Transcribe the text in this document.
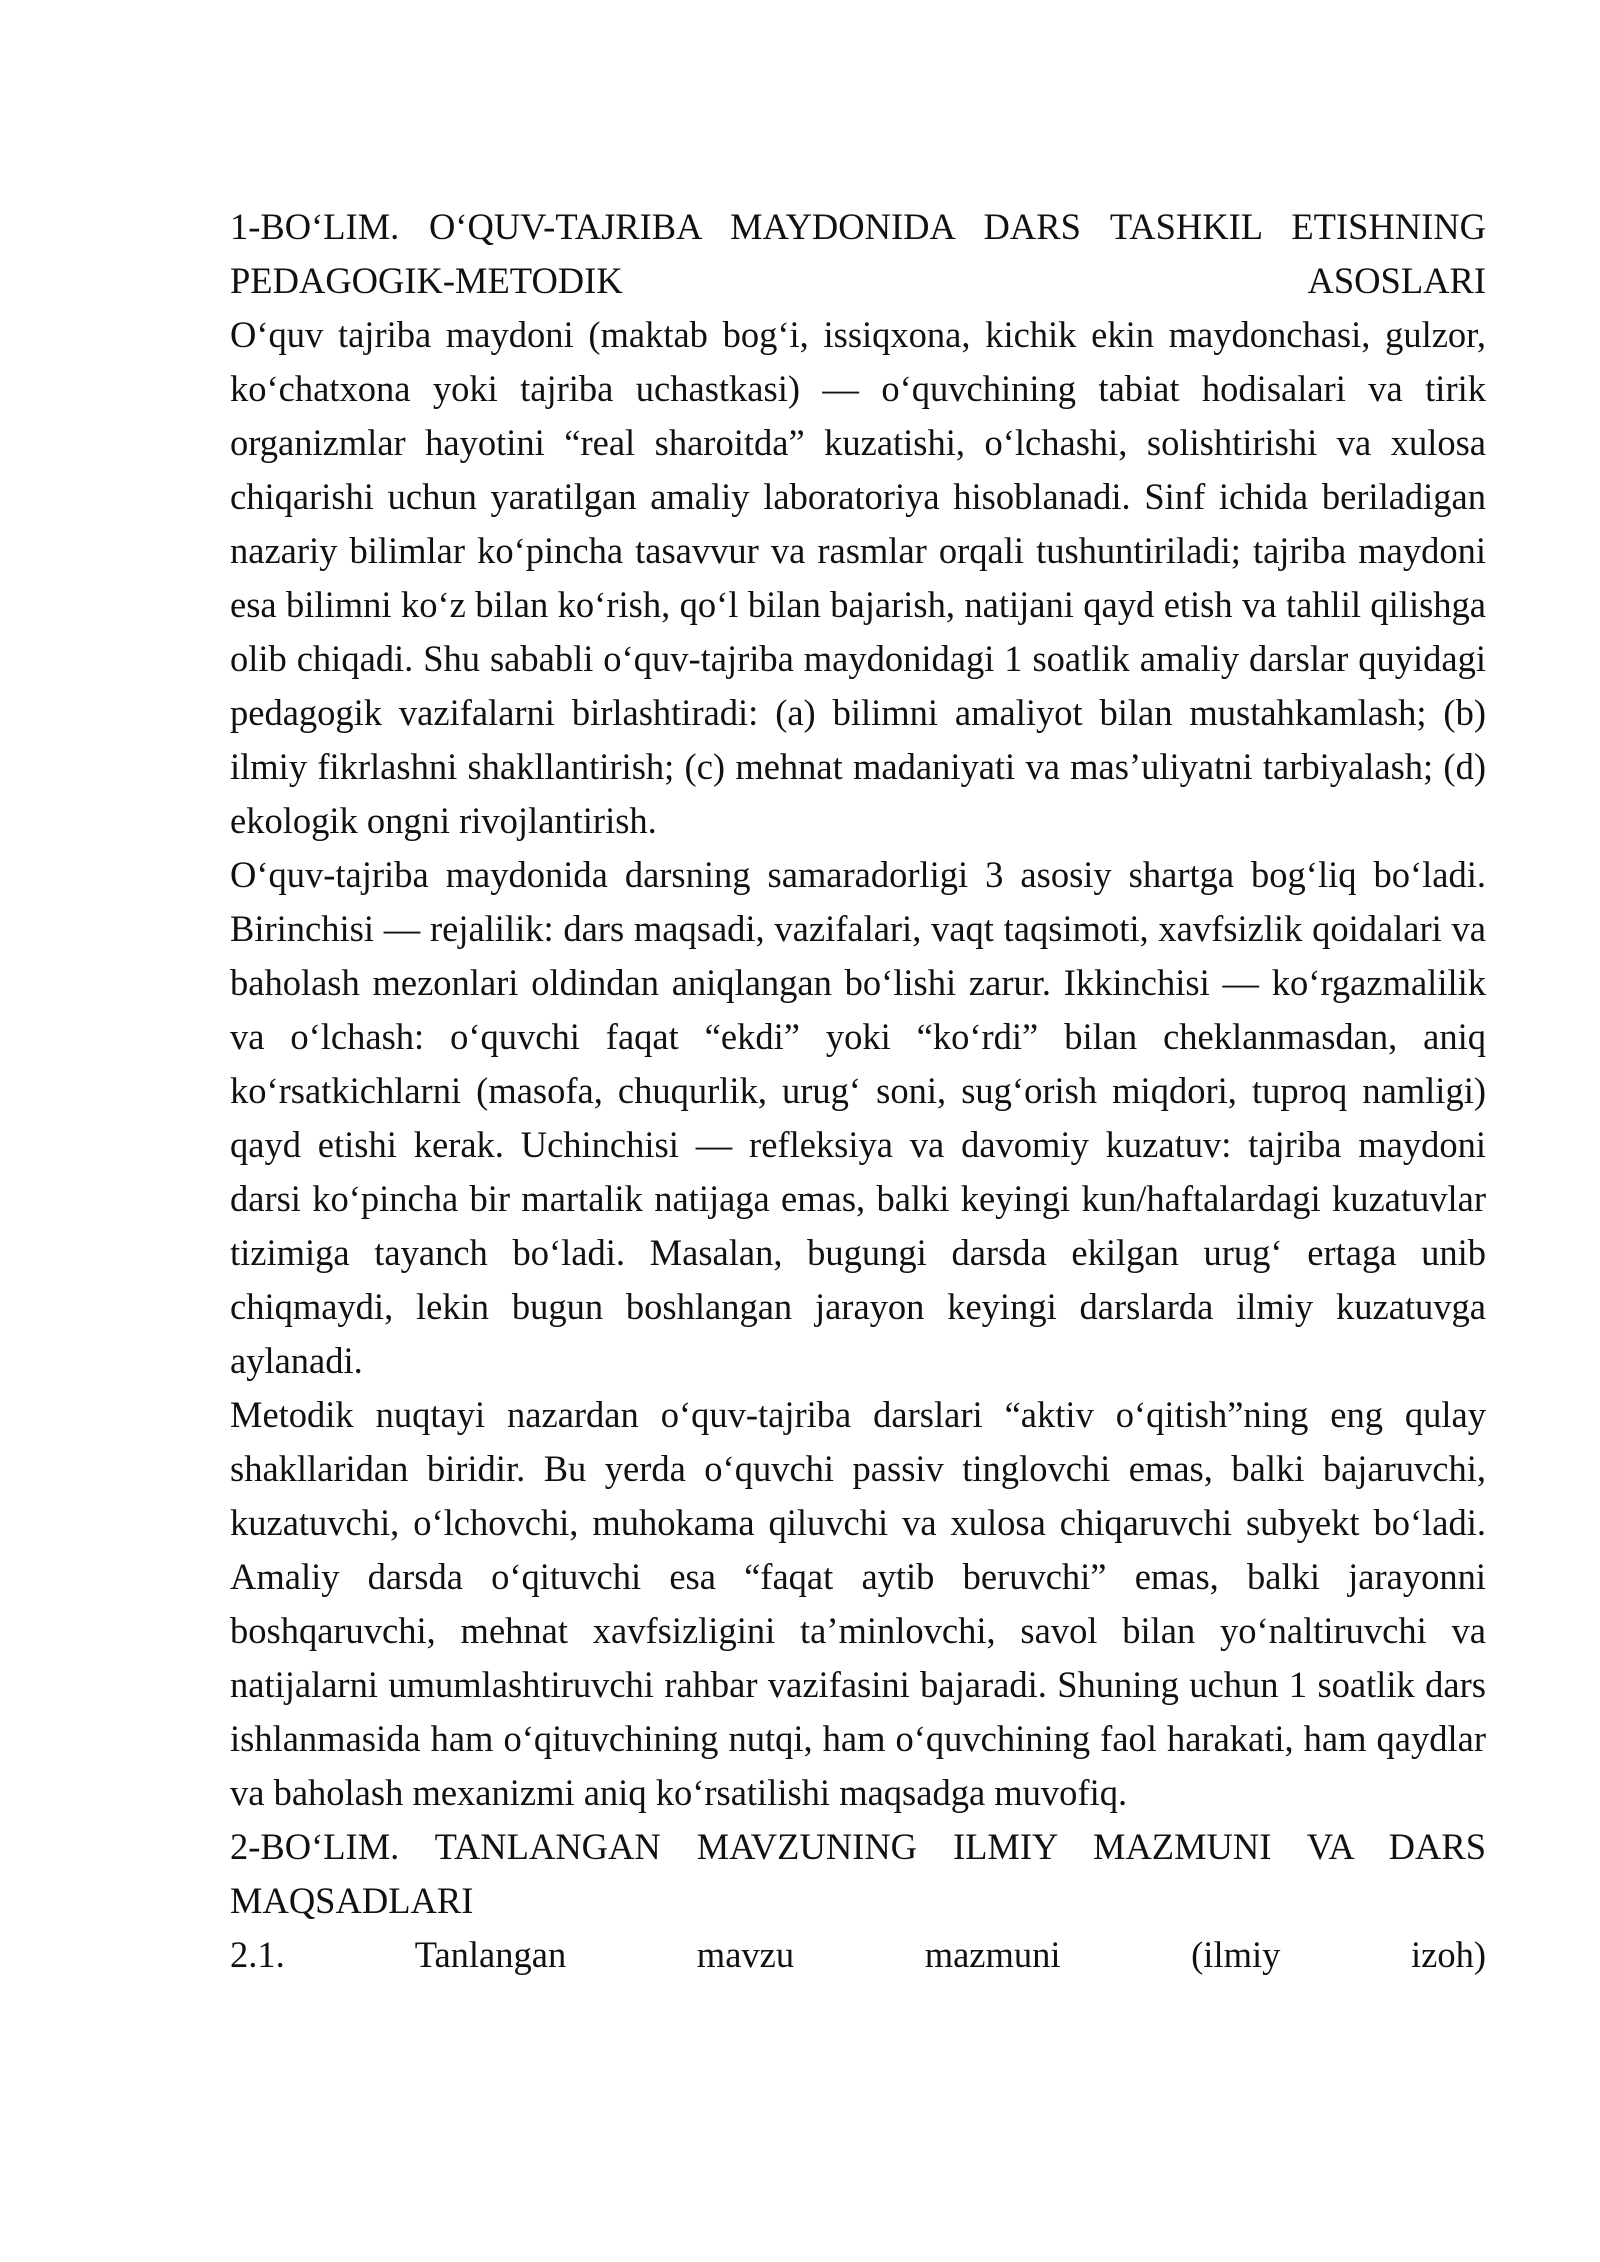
1-BO‘LIM. O‘QUV-TAJRIBA MAYDONIDA DARS TASHKIL ETISHNING PEDAGOGIK-METODIK ASOSLARI

O‘quv tajriba maydoni (maktab bog‘i, issiqxona, kichik ekin maydonchasi, gulzor, ko‘chatxona yoki tajriba uchastkasi) — o‘quvchining tabiat hodisalari va tirik organizmlar hayotini “real sharoitda” kuzatishi, o‘lchashi, solishtirishi va xulosa chiqarishi uchun yaratilgan amaliy laboratoriya hisoblanadi. Sinf ichida beriladigan nazariy bilimlar ko‘pincha tasavvur va rasmlar orqali tushuntiriladi; tajriba maydoni esa bilimni ko‘z bilan ko‘rish, qo‘l bilan bajarish, natijani qayd etish va tahlil qilishga olib chiqadi. Shu sababli o‘quv-tajriba maydonidagi 1 soatlik amaliy darslar quyidagi pedagogik vazifalarni birlashtiradi: (a) bilimni amaliyot bilan mustahkamlash; (b) ilmiy fikrlashni shakllantirish; (c) mehnat madaniyati va mas’uliyatni tarbiyalash; (d) ekologik ongni rivojlantirish.

O‘quv-tajriba maydonida darsning samaradorligi 3 asosiy shartga bog‘liq bo‘ladi. Birinchisi — rejalilik: dars maqsadi, vazifalari, vaqt taqsimoti, xavfsizlik qoidalari va baholash mezonlari oldindan aniqlangan bo‘lishi zarur. Ikkinchisi — ko‘rgazmalilik va o‘lchash: o‘quvchi faqat “ekdi” yoki “ko‘rdi” bilan cheklanmasdan, aniq ko‘rsatkichlarni (masofa, chuqurlik, urug‘ soni, sug‘orish miqdori, tuproq namligi) qayd etishi kerak. Uchinchisi — refleksiya va davomiy kuzatuv: tajriba maydoni darsi ko‘pincha bir martalik natijaga emas, balki keyingi kun/haftalardagi kuzatuvlar tizimiga tayanch bo‘ladi. Masalan, bugungi darsda ekilgan urug‘ ertaga unib chiqmaydi, lekin bugun boshlangan jarayon keyingi darslarda ilmiy kuzatuvga aylanadi.

Metodik nuqtayi nazardan o‘quv-tajriba darslari “aktiv o‘qitish”ning eng qulay shakllaridan biridir. Bu yerda o‘quvchi passiv tinglovchi emas, balki bajaruvchi, kuzatuvchi, o‘lchovchi, muhokama qiluvchi va xulosa chiqaruvchi subyekt bo‘ladi. Amaliy darsda o‘qituvchi esa “faqat aytib beruvchi” emas, balki jarayonni boshqaruvchi, mehnat xavfsizligini ta’minlovchi, savol bilan yo‘naltiruvchi va natijalarni umumlashtiruvchi rahbar vazifasini bajaradi. Shuning uchun 1 soatlik dars ishlanmasida ham o‘qituvchining nutqi, ham o‘quvchining faol harakati, ham qaydlar va baholash mexanizmi aniq ko‘rsatilishi maqsadga muvofiq.

2-BO‘LIM. TANLANGAN MAVZUNING ILMIY MAZMUNI VA DARS MAQSADLARI

2.1. Tanlangan mavzu mazmuni (ilmiy izoh)
